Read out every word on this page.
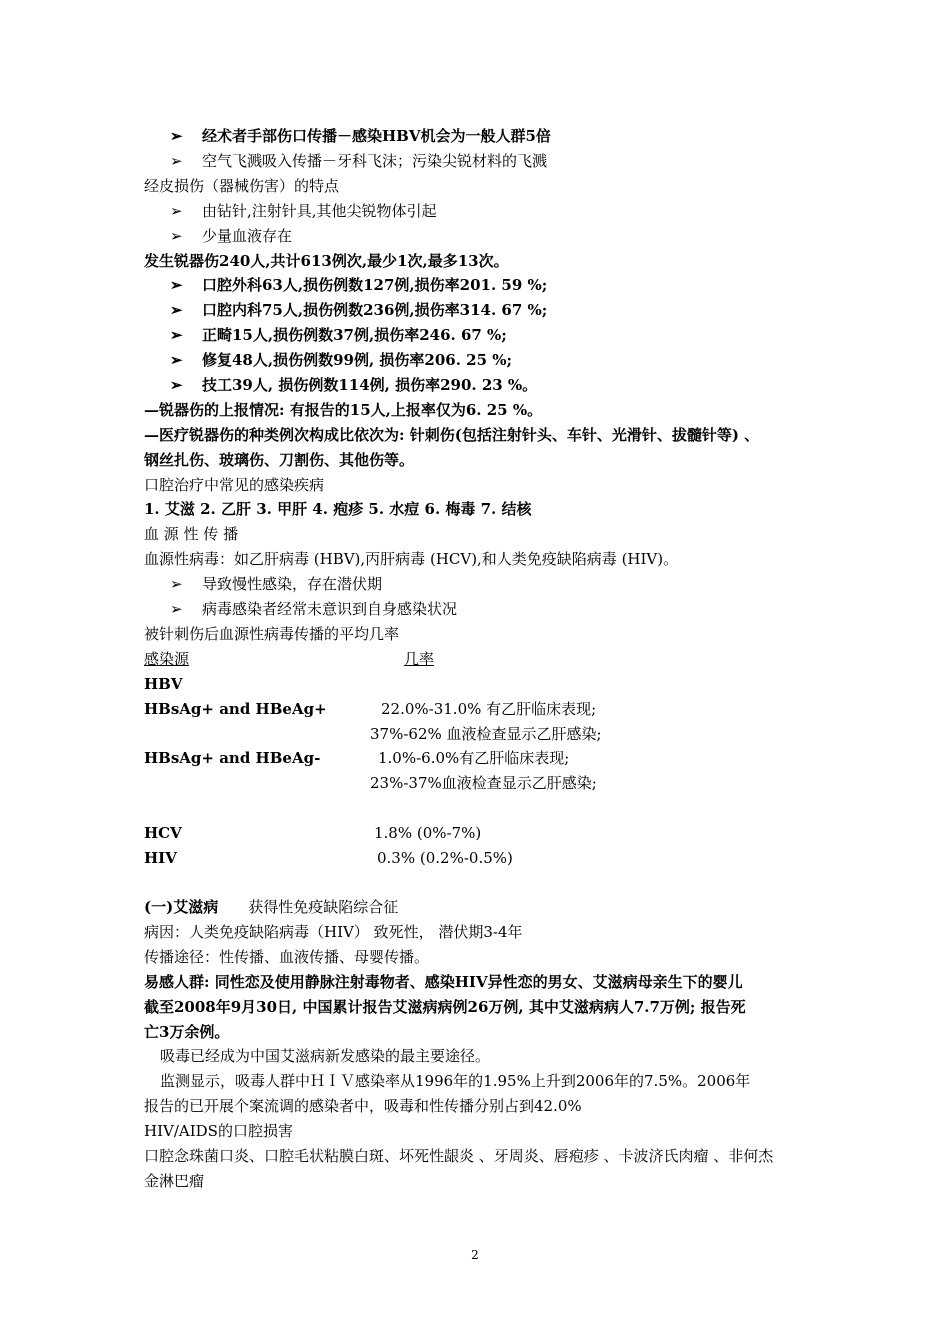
➢ 经术者手部伤口传播－感染HBV机会为一般人群5倍
➢ 空气飞溅吸入传播－牙科飞沫；污染尖锐材料的飞溅
经皮损伤（器械伤害）的特点
➢ 由钻针,注射针具,其他尖锐物体引起
➢ 少量血液存在
发生锐器伤240人,共计613例次,最少1次,最多13次。
➢ 口腔外科63人,损伤例数127例,损伤率201. 59 %;
➢ 口腔内科75人,损伤例数236例,损伤率314. 67 %;
➢ 正畸15人,损伤例数37例,损伤率246. 67 %;
➢ 修复48人,损伤例数99例, 损伤率206. 25 %;
➢ 技工39人, 损伤例数114例, 损伤率290. 23 %。
—锐器伤的上报情况: 有报告的15人,上报率仅为6. 25 %。
—医疗锐器伤的种类例次构成比依次为: 针刺伤(包括注射针头、车针、光滑针、拔髓针等) 、
钢丝扎伤、玻璃伤、刀割伤、其他伤等。
口腔治疗中常见的感染疾病
1. 艾滋 2. 乙肝 3. 甲肝 4. 疱疹 5. 水痘 6. 梅毒 7. 结核
血 源 性 传 播
血源性病毒：如乙肝病毒 (HBV),丙肝病毒 (HCV),和人类免疫缺陷病毒 (HIV)。
➢ 导致慢性感染，存在潜伏期
➢ 病毒感染者经常未意识到自身感染状况
被针刺伤后血源性病毒传播的平均几率
感染源	几率
HBV
HBsAg+ and HBeAg+	22.0%-31.0% 有乙肝临床表现;
37%-62% 血液检查显示乙肝感染;
HBsAg+ and HBeAg-	1.0%-6.0%有乙肝临床表现;
23%-37%血液检查显示乙肝感染;
HCV	1.8% (0%-7%)
HIV	0.3% (0.2%-0.5%)
(一)艾滋病 获得性免疫缺陷综合征
病因：人类免疫缺陷病毒（HIV） 致死性， 潜伏期3-4年
传播途径：性传播、血液传播、母婴传播。
易感人群: 同性恋及使用静脉注射毒物者、感染HIV异性恋的男女、艾滋病母亲生下的婴儿
截至2008年9月30日, 中国累计报告艾滋病病例26万例, 其中艾滋病病人7.7万例; 报告死
亡3万余例。
吸毒已经成为中国艾滋病新发感染的最主要途径。
监测显示，吸毒人群中ＨＩＶ感染率从1996年的1.95%上升到2006年的7.5%。2006年
报告的已开展个案流调的感染者中，吸毒和性传播分别占到42.0%
HIV/AIDS的口腔损害
口腔念珠菌口炎、口腔毛状粘膜白斑、坏死性龈炎 、牙周炎、唇疱疹 、卡波济氏肉瘤 、非何杰
金淋巴瘤
2
